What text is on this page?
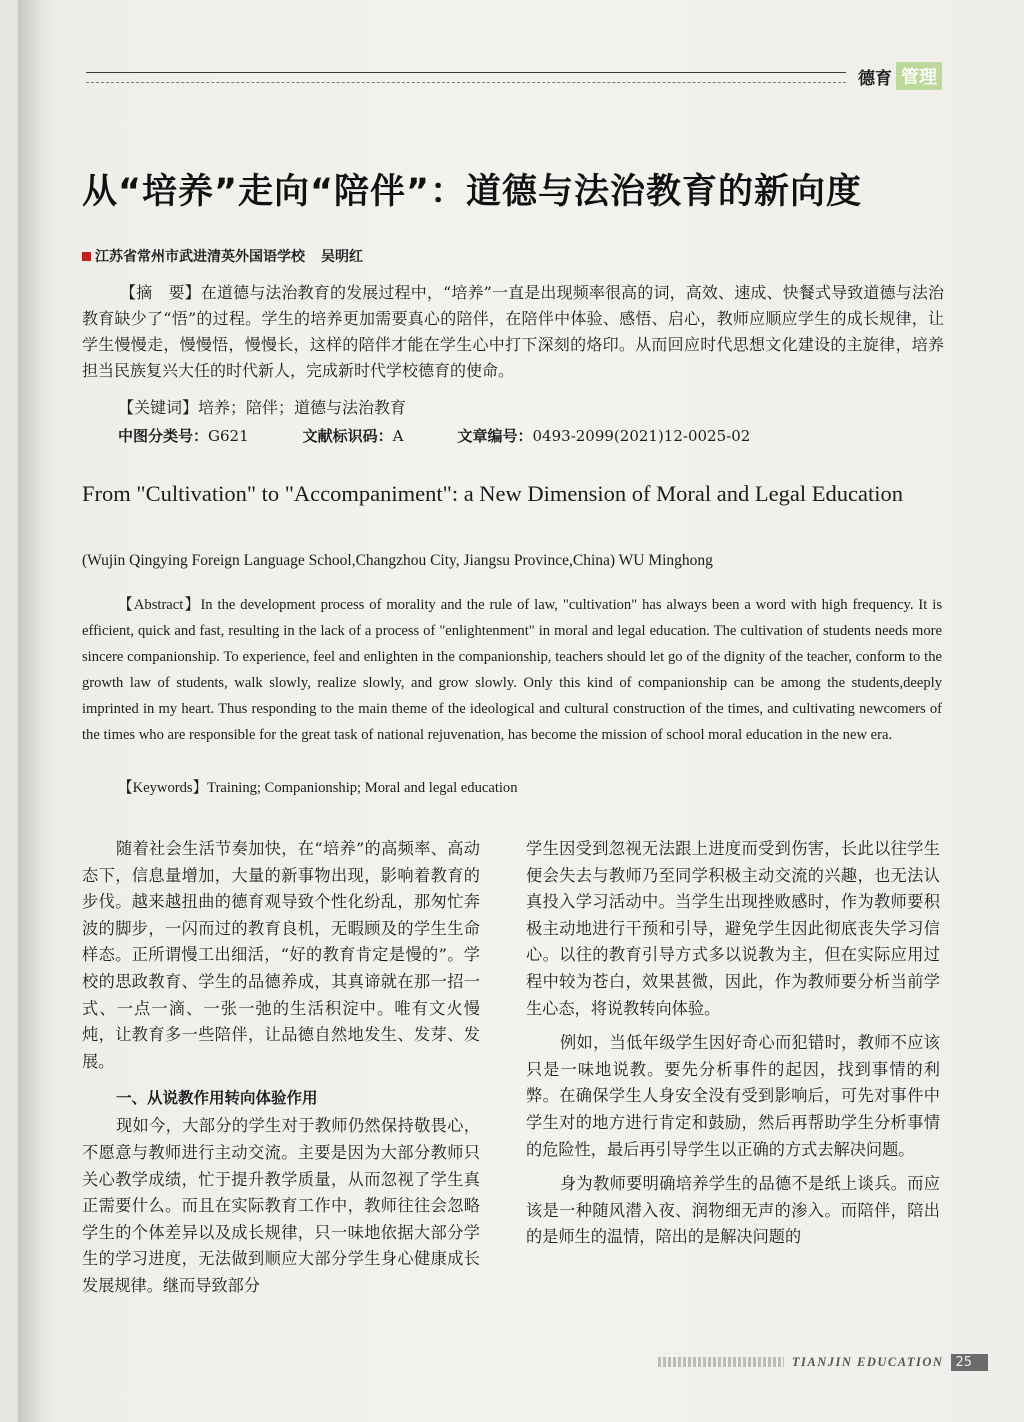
德育 管理
从“培养”走向“陪伴”：道德与法治教育的新向度
江苏省常州市武进清英外国语学校 吴明红

【摘　要】在道德与法治教育的发展过程中，“培养”一直是出现频率很高的词，高效、速成、快餐式导致道德与法治教育缺少了“悟”的过程。学生的培养更加需要真心的陪伴，在陪伴中体验、感悟、启心，教师应顺应学生的成长规律，让学生慢慢走，慢慢悟，慢慢长，这样的陪伴才能在学生心中打下深刻的烙印。从而回应时代思想文化建设的主旋律，培养担当民族复兴大任的时代新人，完成新时代学校德育的使命。

【关键词】培养；陪伴；道德与法治教育
中图分类号： G621	文献标识码： A	文章编号： 0493-2099(2021)12-0025-02
From "Cultivation" to "Accompaniment": a New Dimension of Moral and Legal Education
(Wujin Qingying Foreign Language School,Changzhou City, Jiangsu Province,China) WU Minghong

【Abstract】In the development process of morality and the rule of law, "cultivation" has always been a word with high frequency. It is efficient, quick and fast, resulting in the lack of a process of "enlightenment" in moral and legal education. The cultivation of students needs more sincere companionship. To experience, feel and enlighten in the companionship, teachers should let go of the dignity of the teacher, conform to the growth law of students, walk slowly, realize slowly, and grow slowly. Only this kind of companionship can be among the students,deeply imprinted in my heart. Thus responding to the main theme of the ideological and cultural construction of the times, and cultivating newcomers of the times who are responsible for the great task of national rejuvenation, has become the mission of school moral education in the new era.

【Keywords】Training; Companionship; Moral and legal education

随着社会生活节奏加快，在“培养”的高频率、高动态下，信息量增加，大量的新事物出现，影响着教育的步伐。越来越扭曲的德育观导致个性化纷乱，那匆忙奔波的脚步，一闪而过的教育良机，无暇顾及的学生生命样态。正所谓慢工出细活，“好的教育肯定是慢的”。学校的思政教育、学生的品德养成，其真谛就在那一招一式、一点一滴、一张一弛的生活积淀中。唯有文火慢炖，让教育多一些陪伴，让品德自然地发生、发芽、发展。

一、从说教作用转向体验作用

现如今，大部分的学生对于教师仍然保持敬畏心，不愿意与教师进行主动交流。主要是因为大部分教师只关心教学成绩，忙于提升教学质量，从而忽视了学生真正需要什么。而且在实际教育工作中，教师往往会忽略学生的个体差异以及成长规律，只一味地依据大部分学生的学习进度，无法做到顺应大部分学生身心健康成长发展规律。继而导致部分

学生因受到忽视无法跟上进度而受到伤害，长此以往学生便会失去与教师乃至同学积极主动交流的兴趣，也无法认真投入学习活动中。当学生出现挫败感时，作为教师要积极主动地进行干预和引导，避免学生因此彻底丧失学习信心。以往的教育引导方式多以说教为主，但在实际应用过程中较为苍白，效果甚微，因此，作为教师要分析当前学生心态，将说教转向体验。

例如，当低年级学生因好奇心而犯错时，教师不应该只是一味地说教。要先分析事件的起因，找到事情的利弊。在确保学生人身安全没有受到影响后，可先对事件中学生对的地方进行肯定和鼓励，然后再帮助学生分析事情的危险性，最后再引导学生以正确的方式去解决问题。

身为教师要明确培养学生的品德不是纸上谈兵。而应该是一种随风潜入夜、润物细无声的渗入。而陪伴，陪出的是师生的温情，陪出的是解决问题的

TIANJIN EDUCATION 25
